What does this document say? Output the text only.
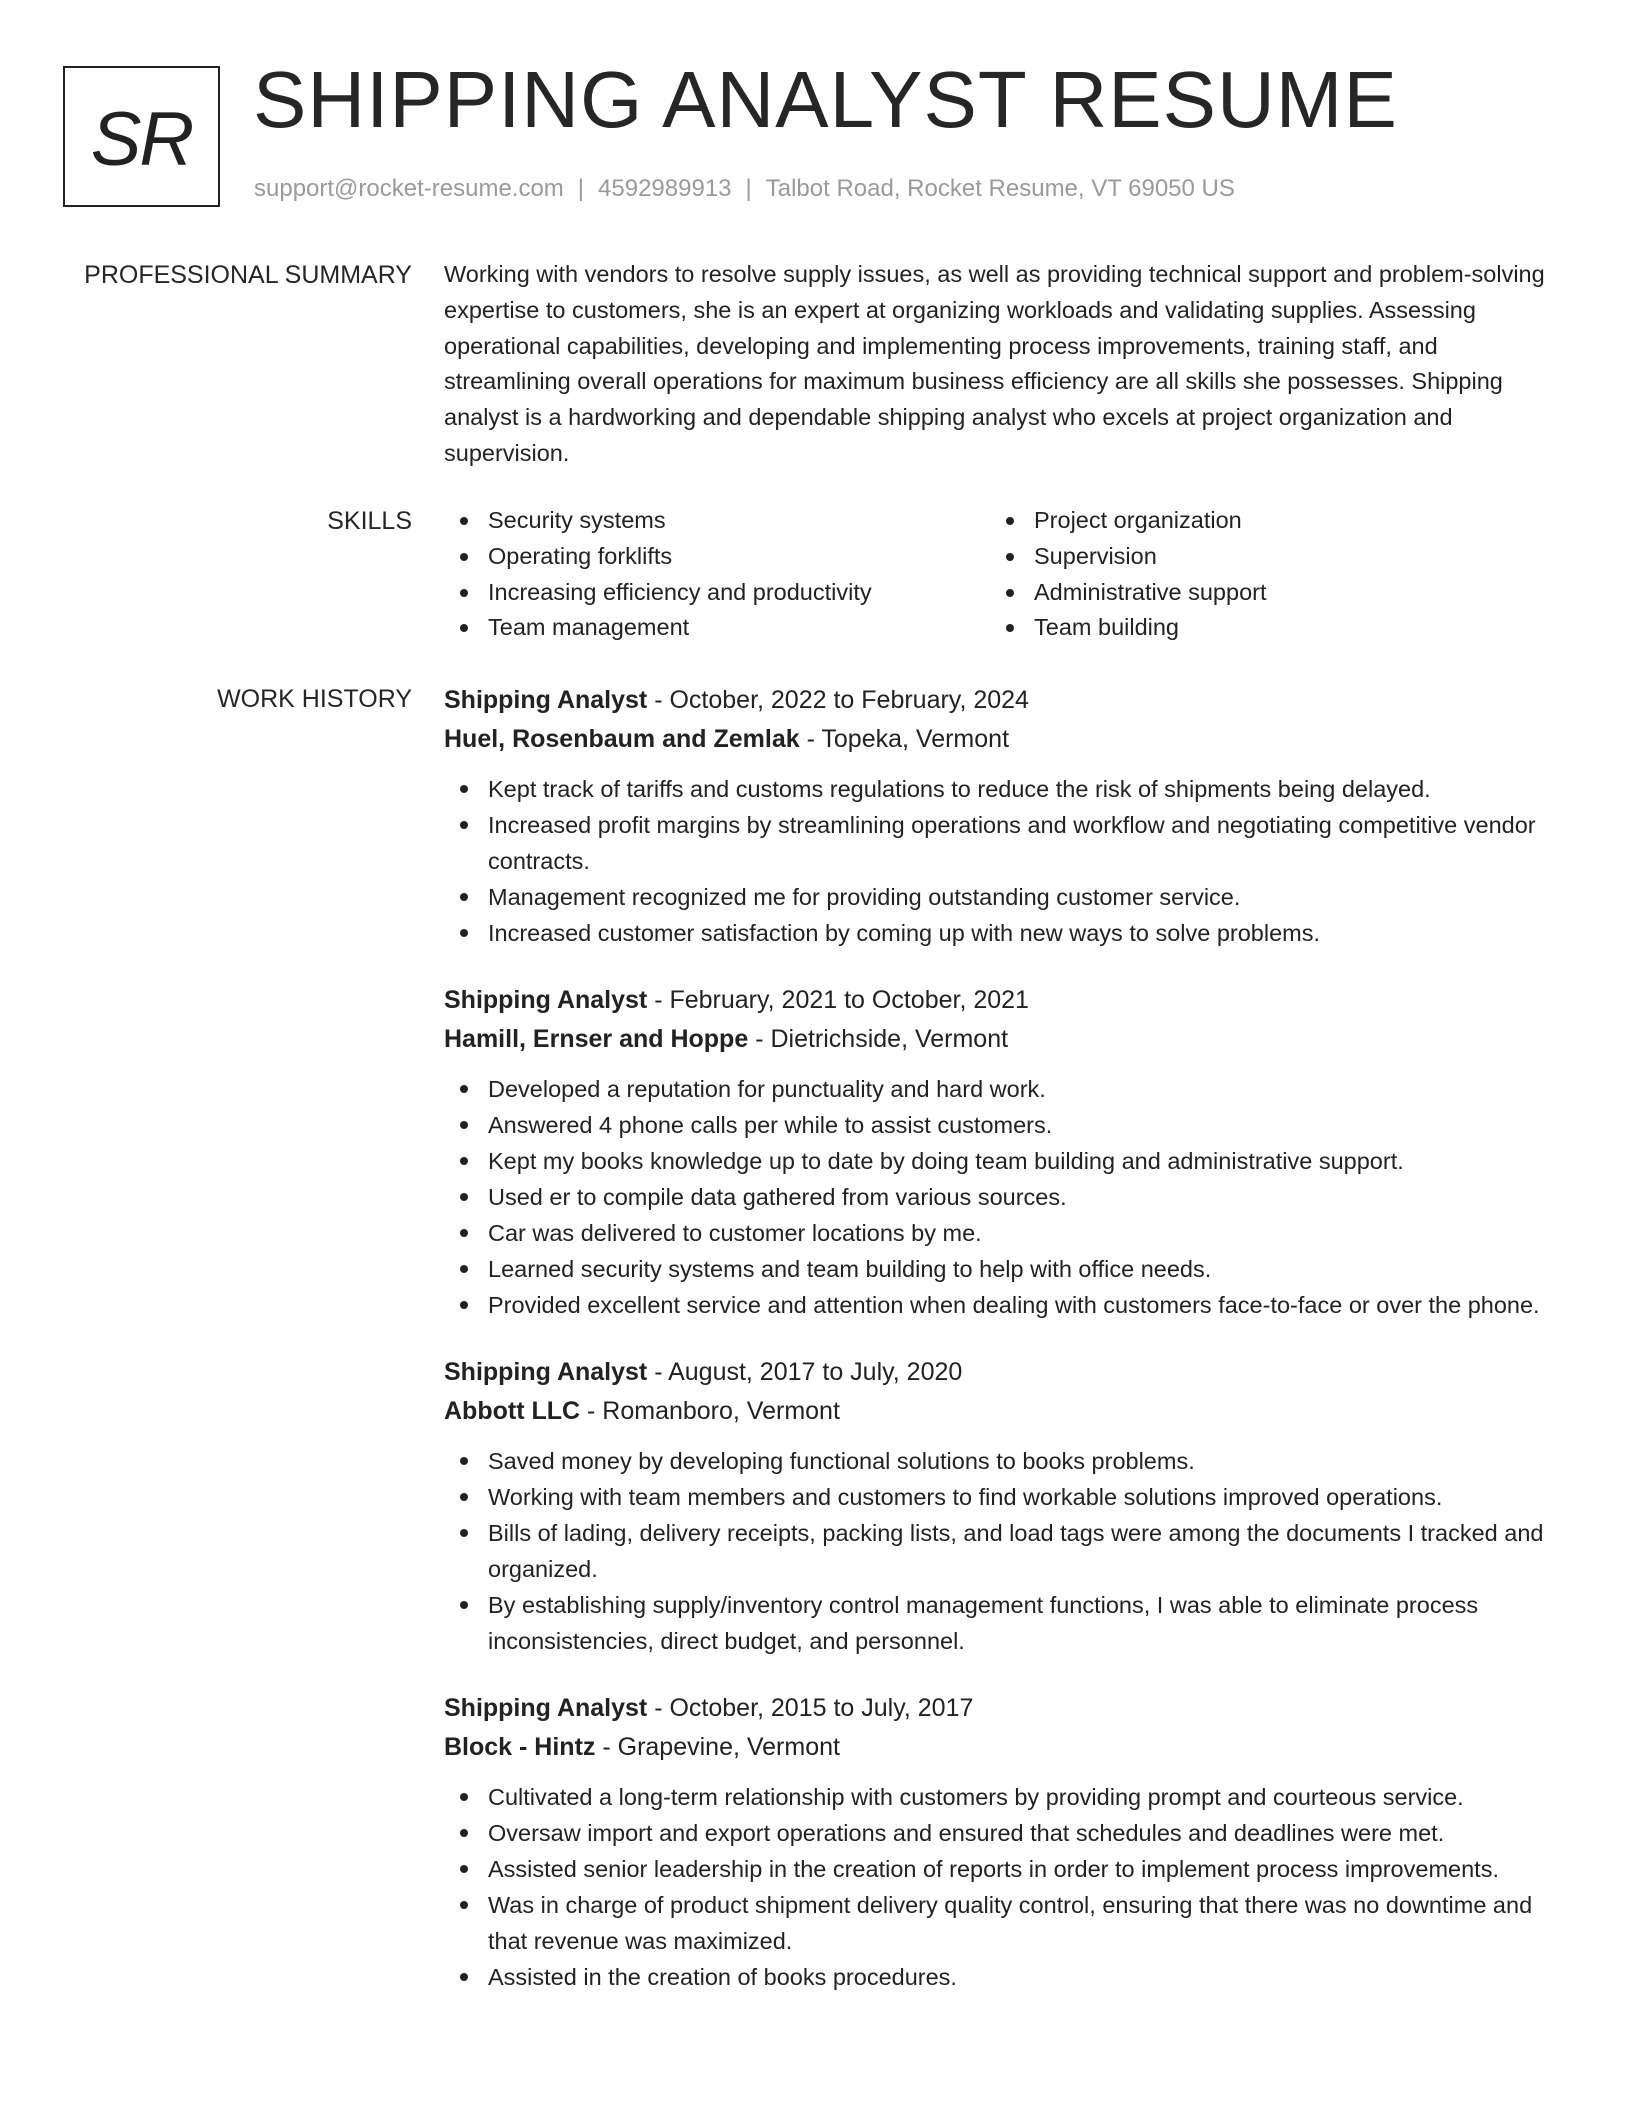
SR SHIPPING ANALYST RESUME
support@rocket-resume.com | 4592989913 | Talbot Road, Rocket Resume, VT 69050 US
PROFESSIONAL SUMMARY Working with vendors to resolve supply issues, as well as providing technical support and problem-solving expertise to customers, she is an expert at organizing workloads and validating supplies. Assessing operational capabilities, developing and implementing process improvements, training staff, and streamlining overall operations for maximum business efficiency are all skills she possesses. Shipping analyst is a hardworking and dependable shipping analyst who excels at project organization and supervision.

SKILLS	Security systems
Operating forklifts
Increasing efficiency and productivity
Team management
Project organization
Supervision
Administrative support
Team building
WORK HISTORY Shipping Analyst - October, 2022 to February, 2024
Huel, Rosenbaum and Zemlak - Topeka, Vermont
Kept track of tariffs and customs regulations to reduce the risk of shipments being delayed.
Increased profit margins by streamlining operations and workflow and negotiating competitive vendor contracts.
Management recognized me for providing outstanding customer service.
Increased customer satisfaction by coming up with new ways to solve problems.
Shipping Analyst - February, 2021 to October, 2021
Hamill, Ernser and Hoppe - Dietrichside, Vermont
Developed a reputation for punctuality and hard work.
Answered 4 phone calls per while to assist customers.
Kept my books knowledge up to date by doing team building and administrative support.
Used er to compile data gathered from various sources.
Car was delivered to customer locations by me.
Learned security systems and team building to help with office needs.
Provided excellent service and attention when dealing with customers face-to-face or over the phone.
Shipping Analyst - August, 2017 to July, 2020
Abbott LLC - Romanboro, Vermont
Saved money by developing functional solutions to books problems.
Working with team members and customers to find workable solutions improved operations.
Bills of lading, delivery receipts, packing lists, and load tags were among the documents I tracked and organized.
By establishing supply/inventory control management functions, I was able to eliminate process inconsistencies, direct budget, and personnel.
Shipping Analyst - October, 2015 to July, 2017
Block - Hintz - Grapevine, Vermont
Cultivated a long-term relationship with customers by providing prompt and courteous service.
Oversaw import and export operations and ensured that schedules and deadlines were met.
Assisted senior leadership in the creation of reports in order to implement process improvements.
Was in charge of product shipment delivery quality control, ensuring that there was no downtime and that revenue was maximized.
Assisted in the creation of books procedures.
